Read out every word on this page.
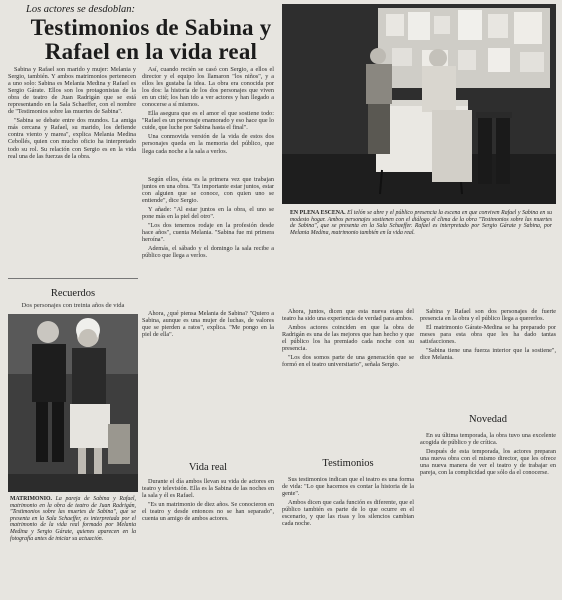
Los actores se desdoblan:
Testimonios de Sabina y Rafael en la vida real

Sabina y Rafael son marido y mujer: Melania y Sergio, también. Y ambos matrimonios pertenecen a uno solo: Sabina es Melania Medina y Rafael es Sergio Gárate. Ellos son los protagonistas de la obra de teatro de Juan Radrigán que se está representando en la Sala Schaeffer, con el nombre de "Testimonios sobre las muertes de Sabina".

"Sabina se debate entre dos mundos. La amiga más cercana y Rafael, su marido, los defiende contra viento y marea", explica Melania Medina Cebollés, quien con mucho oficio ha interpretado todo su rol. Su relación con Sergio es en la vida real una de las fuerzas de la obra.

Así, cuando recién se casó con Sergio, a ellos el director y el equipo los llamaron "los niños", y a ellos les gustaba la idea. La obra era conocida por los dos: la historia de los dos personajes que viven en un cité; los han ido a ver actores y han llegado a conocerse a sí mismos.

Ella asegura que es el amor el que sostiene todo: "Rafael es un personaje enamorado y eso hace que lo cuide, que luche por Sabina hasta el final".

Una conmovida versión de la vida de estos dos personajes queda en la memoria del público, que llega cada noche a la sala a verlos.

Según ellos, ésta es la primera vez que trabajan juntos en una obra. "Es importante estar juntos, estar con alguien que se conoce, con quien uno se entiende", dice Sergio.

Y añade: "Al estar juntos en la obra, el uno se pone más en la piel del otro".

"Los dos tenemos rodaje en la profesión desde hace años", cuenta Melania. "Sabina fue mi primera heroína".

Además, el sábado y el domingo la sala recibe a público que llega a verlos.

EN PLENA ESCENA. El telón se abre y el público presencia la escena en que conviven Rafael y Sabina en su modesto hogar. Ambos personajes sostienen con el diálogo el clima de la obra "Testimonios sobre las muertes de Sabina", que se presenta en la Sala Schaeffer. Rafael es interpretado por Sergio Gárate y Sabina, por Melania Medina, matrimonio también en la vida real.
Recuerdos
Dos personajes con treinta años de vida
MATRIMONIO. La pareja de Sabina y Rafael, matrimonio en la obra de teatro de Juan Radrigán, "Testimonios sobre las muertes de Sabina", que se presenta en la Sala Schaeffer, es interpretada por el matrimonio de la vida real formado por Melania Medina y Sergio Gárate, quienes aparecen en la fotografía antes de iniciar su actuación.

Ahora, ¿qué piensa Melania de Sabina? "Quiero a Sabina, aunque es una mujer de luchas, de valores que se pierden a ratos", explica. "Me pongo en la piel de ella".

Vida real

Durante el día ambos llevan su vida de actores en teatro y televisión. Ella es la Sabina de las noches en la sala y él es Rafael.

"Es un matrimonio de diez años. Se conocieron en el teatro y desde entonces no se han separado", cuenta un amigo de ambos actores.

Ahora, juntos, dicen que esta nueva etapa del teatro ha sido una experiencia de verdad para ambos.

Ambos actores coinciden en que la obra de Radrigán es una de las mejores que han hecho y que el público los ha premiado cada noche con su presencia.

"Los dos somos parte de una generación que se formó en el teatro universitario", señala Sergio.

Testimonios

Sus testimonios indican que el teatro es una forma de vida: "Lo que hacemos es contar la historia de la gente".

Ambos dicen que cada función es diferente, que el público también es parte de lo que ocurre en el escenario, y que las risas y los silencios cambian cada noche.

Sabina y Rafael son dos personajes de fuerte presencia en la obra y el público llega a quererlos.

El matrimonio Gárate-Medina se ha preparado por meses para esta obra que les ha dado tantas satisfacciones.

"Sabina tiene una fuerza interior que la sostiene", dice Melania.

Novedad

En su última temporada, la obra tuvo una excelente acogida de público y de crítica.

Después de esta temporada, los actores preparan una nueva obra con el mismo director, que les ofrece una nueva manera de ver el teatro y de trabajar en pareja, con la complicidad que sólo da el conocerse.
